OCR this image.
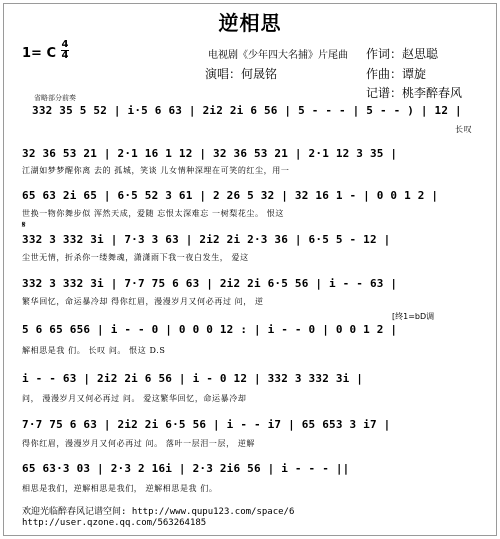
逆相思
1= C
4
4	电视剧《少年四大名捕》片尾曲
演唱：何晟铭
作词：赵思聪
作曲：谭旋
记谱：桃李醉春风
省略部分前奏
332 35 5 52 | i·5 6 63 | 2i2 2i 6 56 | 5 - - - | 5 - - ) | 12 |
长叹
32 36 53 21 | 2·1 16 1 12 | 32 36 53 21 | 2·1 12 3 35 |
江湖如梦梦醒你离 去的 孤城，笑谈 儿女情种深埋在可笑的红尘，用一
65 63 2i 65 | 6·5 52 3 61 | 2 26 5 32 | 32 16 1 - | 0 0 1 2 |
世换一物你舞步似 浑然天成，爱随 忘恨太深难忘 一树梨花尘。 恨这
𝄋
332 3 332 3i | 7·3 3 63 | 2i2 2i 2·3 36 | 6·5 5 - 12 |
尘世无情，折杀你一缕舞魂，潇潇雨下我一夜白发生， 爱这
332 3 332 3i | 7·7 75 6 63 | 2i2 2i 6·5 56 | i - - 63 |
繁华回忆，命运暴冷却 得你红眉，漫漫岁月又何必再过 问， 逆
[终1=bD调
5 6 65 656 | i - - 0 | 0 0 0 12 : | i - - 0 | 0 0 1 2 |
解相思是我 们。 长叹 问。 恨这 D.S
i - - 63 | 2i2 2i 6 56 | i - 0 12 | 332 3 332 3i |
问， 漫漫岁月又何必再过 问。 爱这繁华回忆，命运暴冷却
7·7 75 6 63 | 2i2 2i 6·5 56 | i - - i7 | 65 653 3 i7 |
得你红眉，漫漫岁月又何必再过 问。 落叶一层泪一层， 逆解
65 63·3 03 | 2·3 2 16i | 2·3 2i6 56 | i - - - ||
相思是我们，逆解相思是我们， 逆解相思是我 们。
欢迎光临醉春风记谱空间: http://www.qupu123.com/space/6
http://user.qzone.qq.com/563264185
